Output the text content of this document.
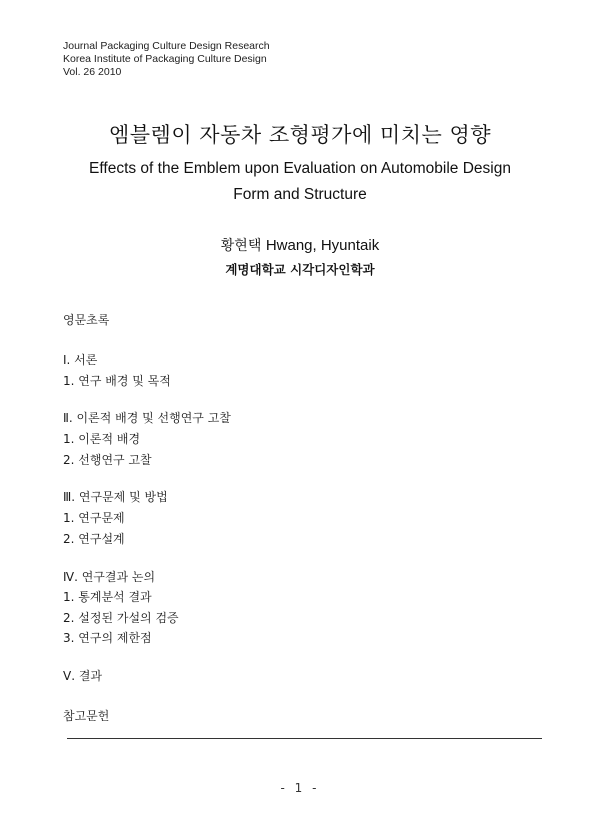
Journal Packaging Culture Design Research
Korea Institute of Packaging Culture Design
Vol. 26 2010
엠블렘이 자동차 조형평가에 미치는 영향
Effects of the Emblem upon Evaluation on Automobile Design
Form and Structure
황현택 Hwang, Hyuntaik
계명대학교 시각디자인학과
영문초록
Ⅰ. 서론
1. 연구 배경 및 목적
Ⅱ. 이론적 배경 및 선행연구 고찰
1. 이론적 배경
2. 선행연구 고찰
Ⅲ. 연구문제 및 방법
1. 연구문제
2. 연구설계
Ⅳ. 연구결과 논의
1. 통계분석 결과
2. 설정된 가설의 검증
3. 연구의 제한점
Ⅴ. 결과
참고문헌
- 1 -
